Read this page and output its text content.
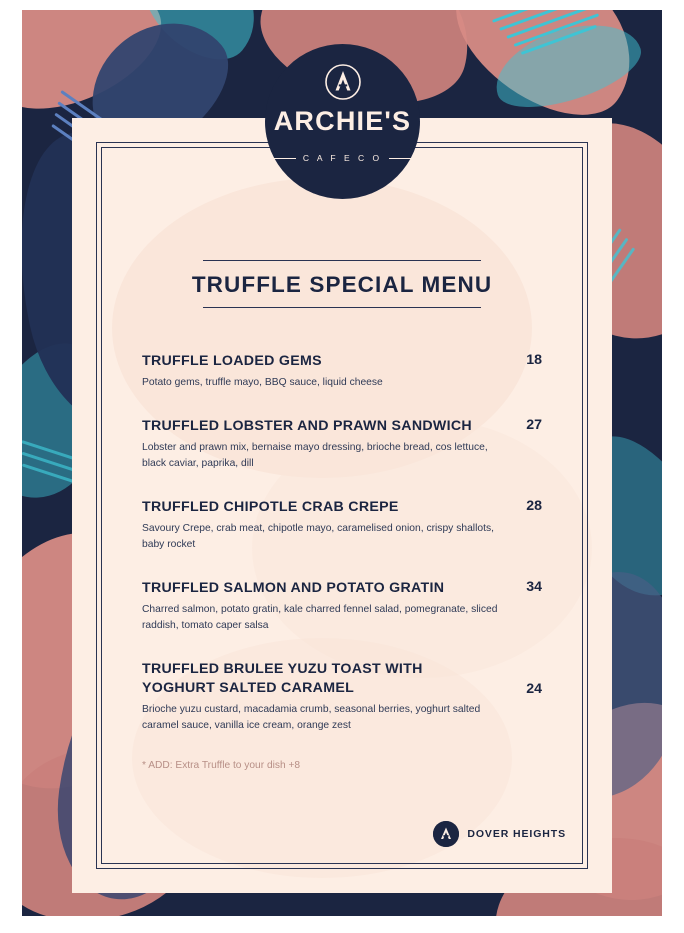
TRUFFLE SPECIAL MENU
TRUFFLE LOADED GEMS	18
Potato gems, truffle mayo, BBQ sauce, liquid cheese
TRUFFLED LOBSTER AND PRAWN SANDWICH	27
Lobster and prawn mix, bernaise mayo dressing, brioche bread, cos lettuce, black caviar, paprika, dill
TRUFFLED CHIPOTLE CRAB CREPE	28
Savoury Crepe, crab meat, chipotle mayo, caramelised onion, crispy shallots, baby rocket
TRUFFLED SALMON AND POTATO GRATIN	34
Charred salmon, potato gratin, kale charred fennel salad, pomegranate, sliced raddish, tomato caper salsa
TRUFFLED BRULEE YUZU TOAST WITH YOGHURT SALTED CARAMEL	24
Brioche yuzu custard, macadamia crumb, seasonal berries, yoghurt salted caramel sauce, vanilla ice cream, orange zest
* ADD: Extra Truffle to your dish +8
DOVER HEIGHTS
ARCHIE'S
C A F E C O
